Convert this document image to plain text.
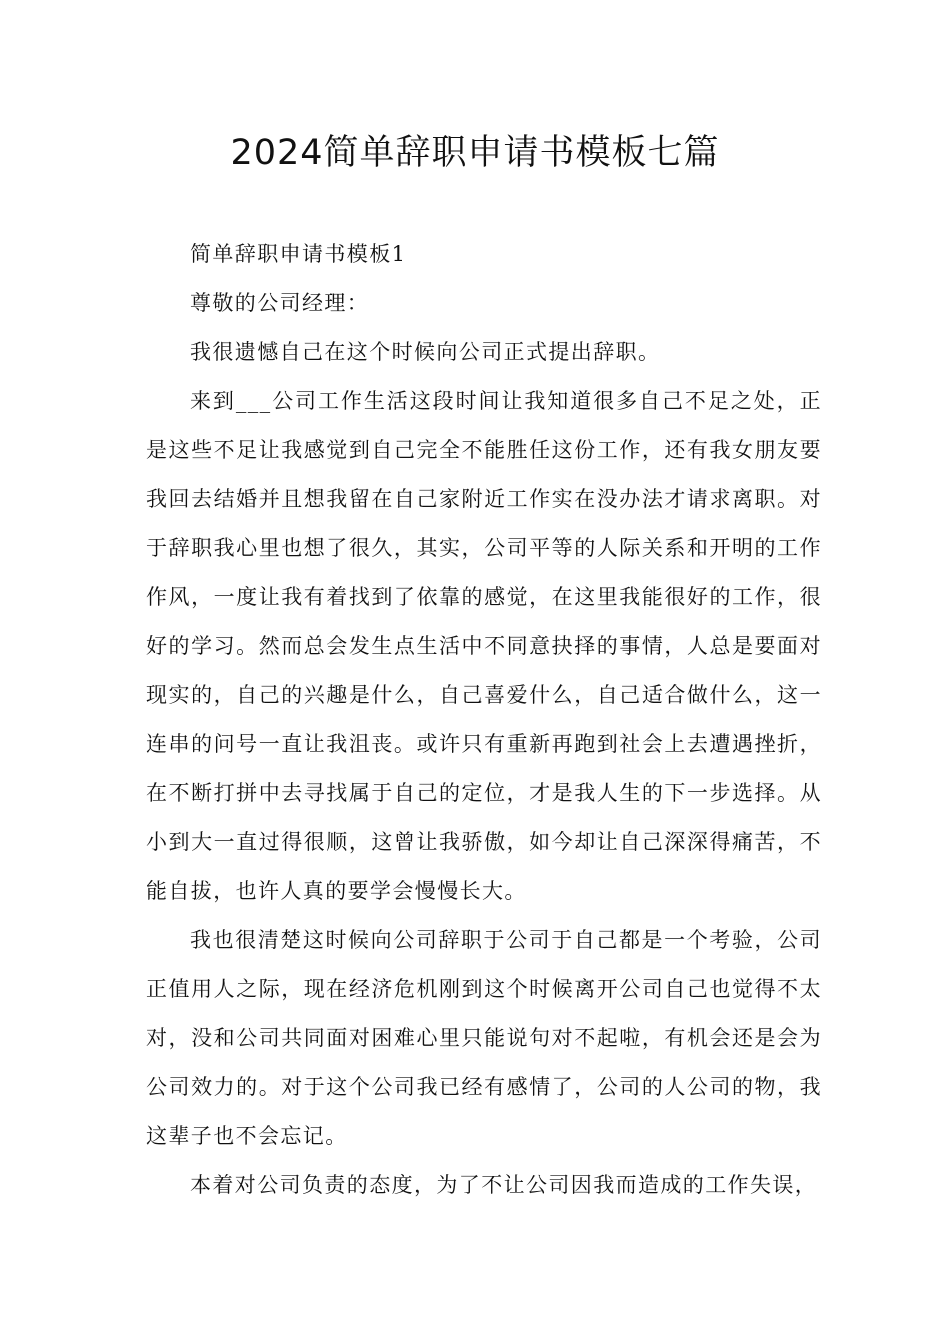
2024简单辞职申请书模板七篇

简单辞职申请书模板1

尊敬的公司经理：

我很遗憾自己在这个时候向公司正式提出辞职。

来到___公司工作生活这段时间让我知道很多自己不足之处，正是这些不足让我感觉到自己完全不能胜任这份工作，还有我女朋友要我回去结婚并且想我留在自己家附近工作实在没办法才请求离职。对于辞职我心里也想了很久，其实，公司平等的人际关系和开明的工作作风，一度让我有着找到了依靠的感觉，在这里我能很好的工作，很好的学习。然而总会发生点生活中不同意抉择的事情，人总是要面对现实的，自己的兴趣是什么，自己喜爱什么，自己适合做什么，这一连串的问号一直让我沮丧。或许只有重新再跑到社会上去遭遇挫折，在不断打拼中去寻找属于自己的定位，才是我人生的下一步选择。从小到大一直过得很顺，这曾让我骄傲，如今却让自己深深得痛苦，不能自拔，也许人真的要学会慢慢长大。

我也很清楚这时候向公司辞职于公司于自己都是一个考验，公司正值用人之际，现在经济危机刚到这个时候离开公司自己也觉得不太对，没和公司共同面对困难心里只能说句对不起啦，有机会还是会为公司效力的。对于这个公司我已经有感情了，公司的人公司的物，我这辈子也不会忘记。

本着对公司负责的态度，为了不让公司因我而造成的工作失误，
